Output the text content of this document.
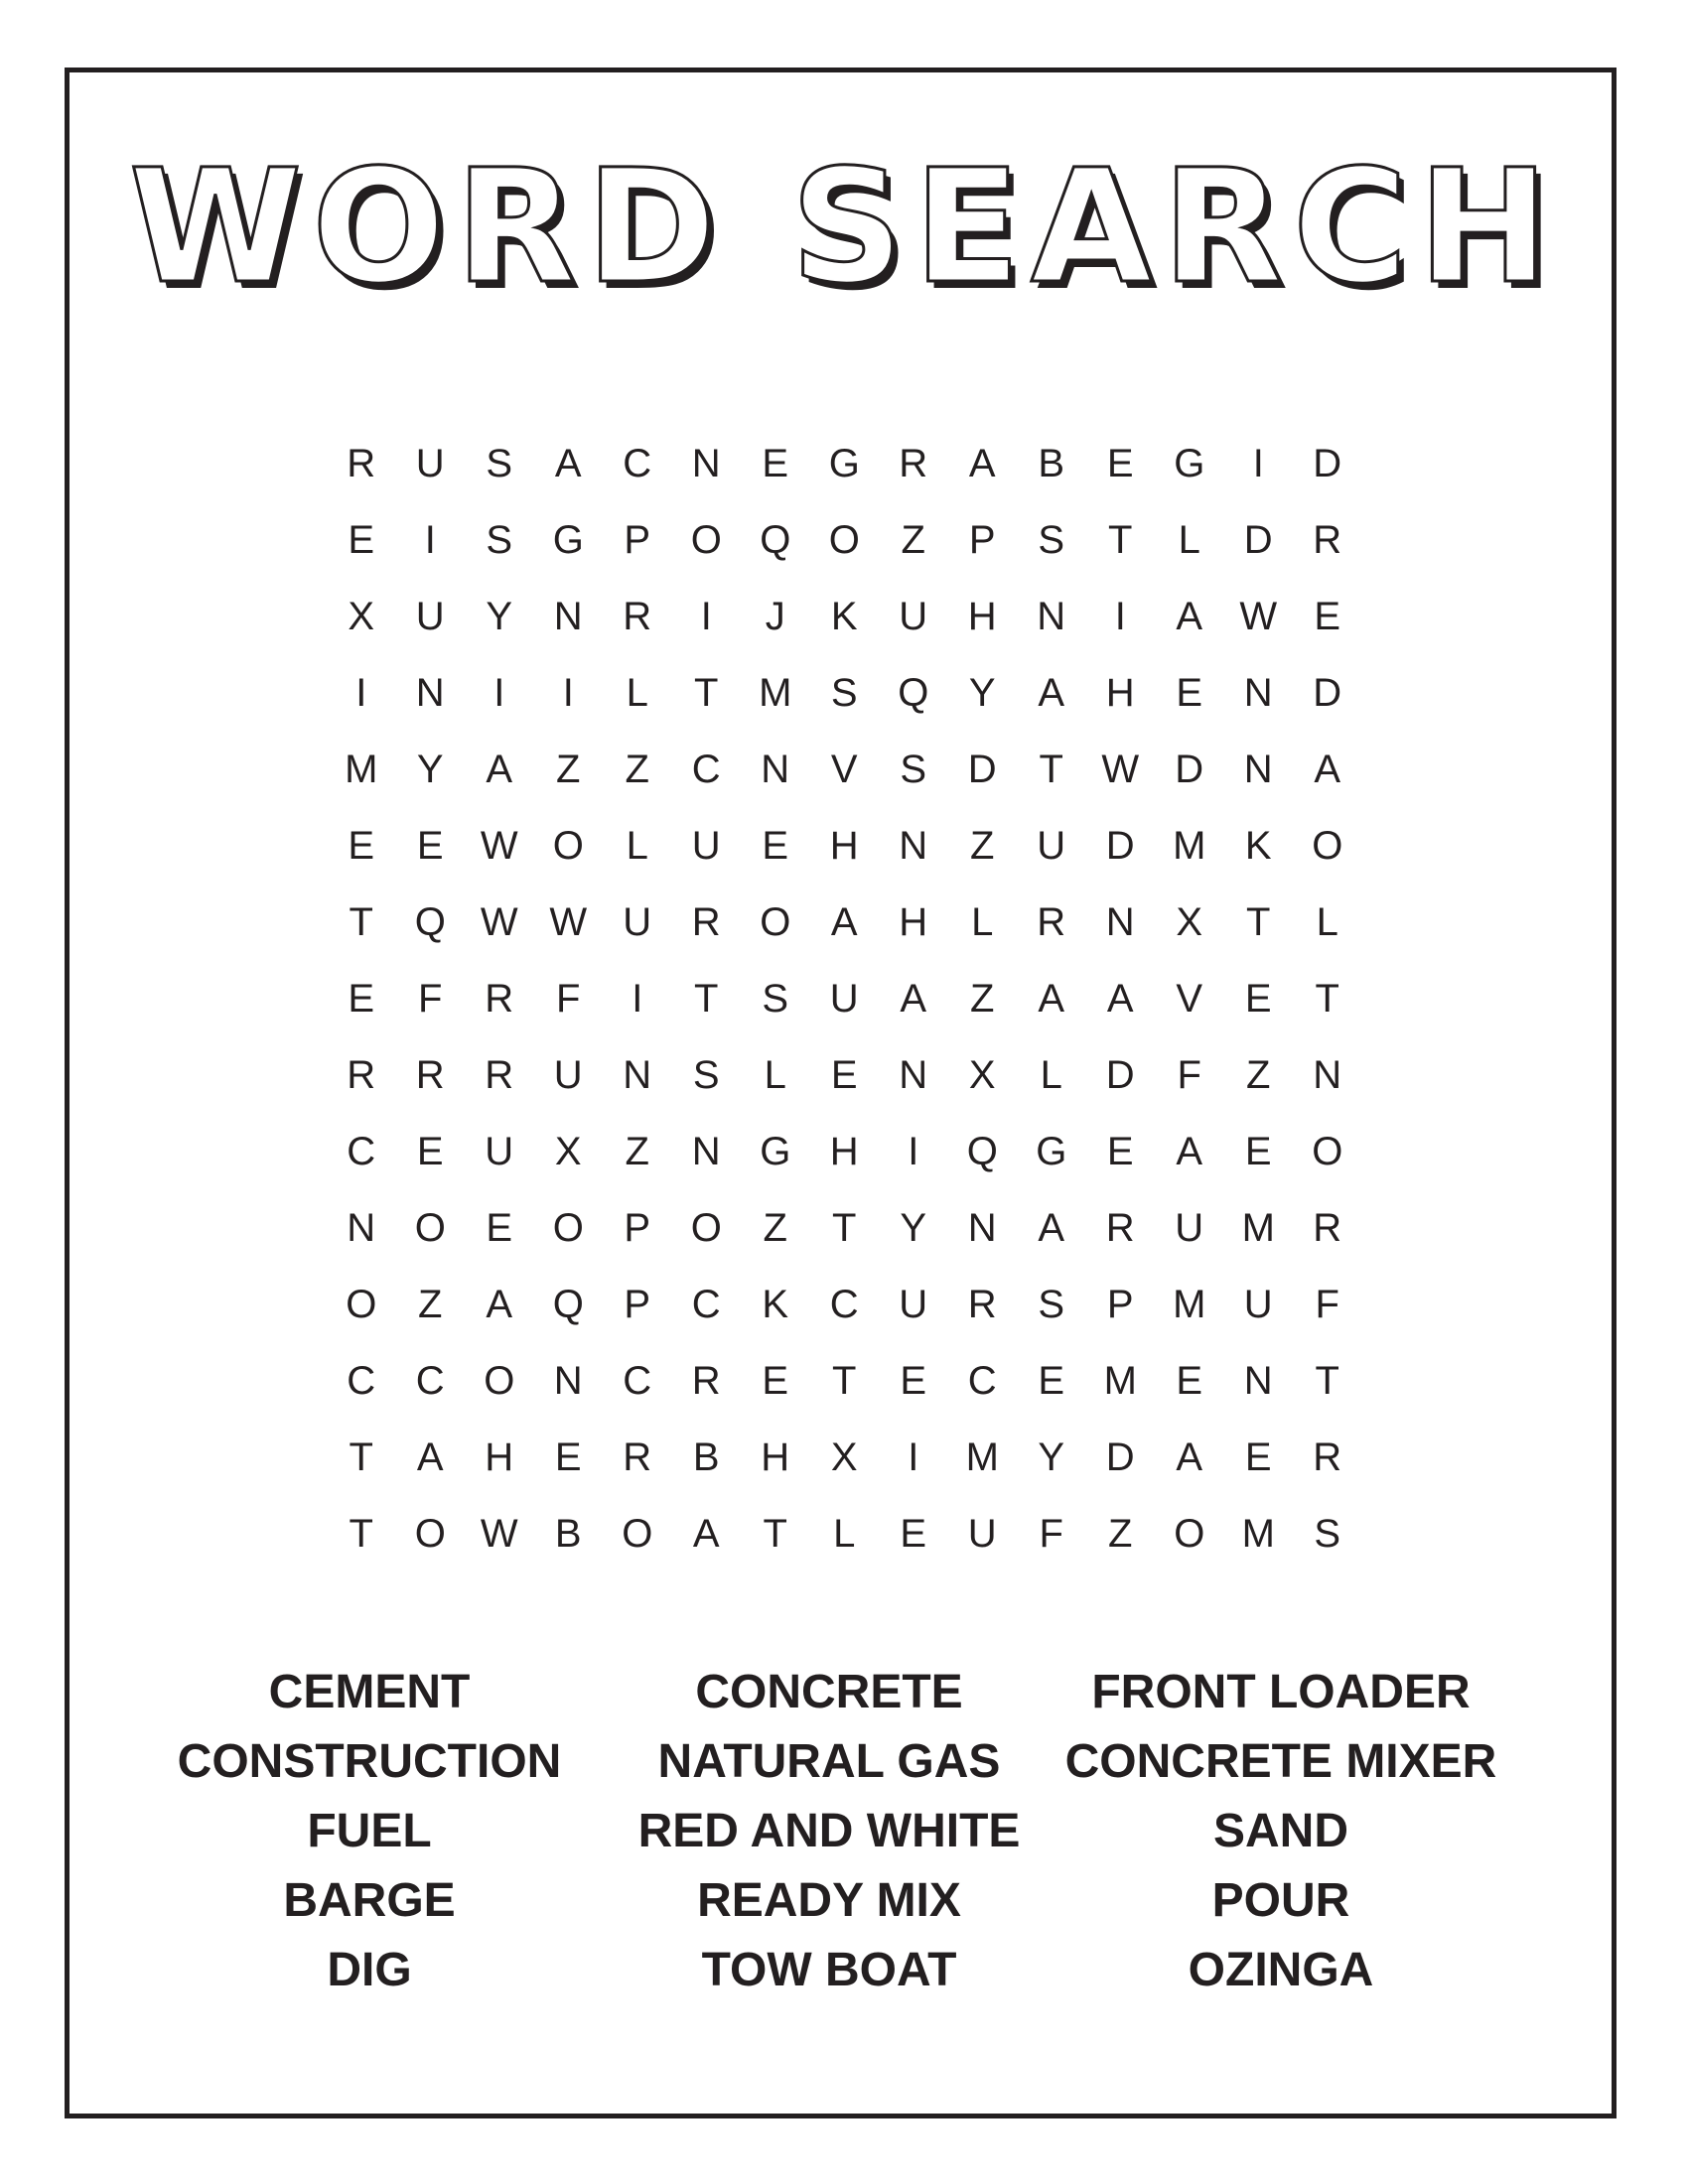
WORD SEARCH
R	U	S	A	C	N	E	G R	A	B	E	G	I	D
E	I	S	G	P	O Q O	Z	P	S	T	L	D	R
X	U	Y	N	R	I	J	K	U	H	N	I	A W E
I	N	I	I	L	T	M S	Q	Y	A	H	E	N	D
M Y	A	Z	Z	C	N	V	S	D	T W D	N	A
E	E W O	L	U	E	H	N	Z	U	D M K	O
T	Q W W U	R O	A	H	L	R	N	X	T	L
E	F	R	F	I	T	S	U	A	Z	A	A	V	E	T
R	R	R	U	N	S	L	E	N	X	L	D	F	Z	N
C	E	U	X	Z	N G H	I	Q G	E	A	E	O
N O	E	O	P	O	Z	T	Y	N	A	R	U M R
O	Z	A	Q	P	C	K	C	U	R	S	P M U	F
C	C O N	C	R	E	T	E	C	E M E	N	T
T	A	H	E	R	B	H	X	I	M Y	D	A	E	R
T	O W B	O	A	T	L	E	U	F	Z	O M S
CEMENT
CONSTRUCTION
FUEL
BARGE
DIG
CONCRETE
NATURAL GAS
RED AND WHITE
READY MIX
TOW BOAT
FRONT LOADER
CONCRETE MIXER
SAND
POUR
OZINGA
